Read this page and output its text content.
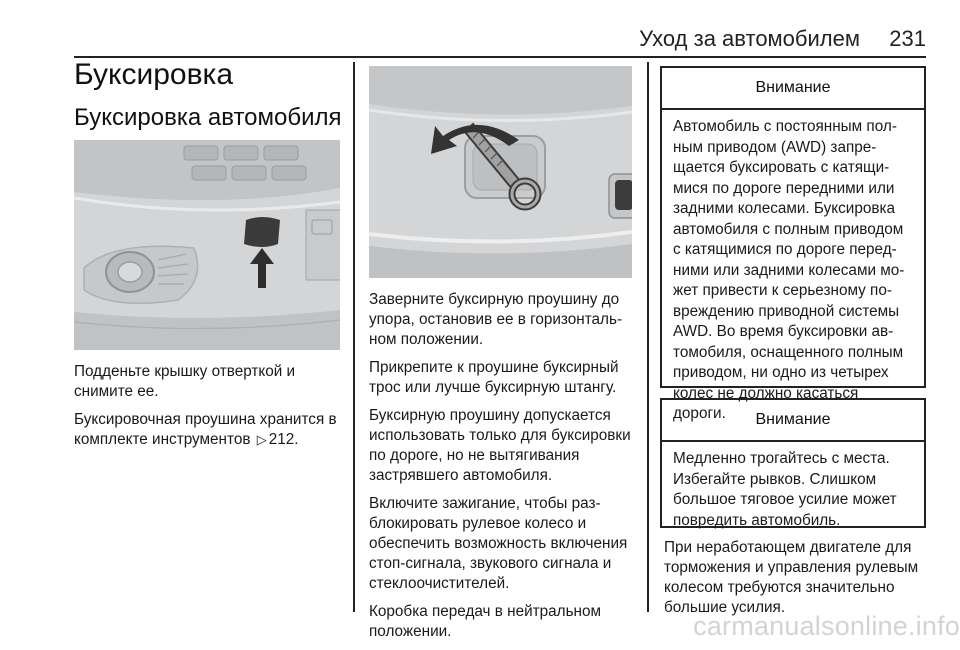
Уход за автомобилем	231
Буксировка
Буксировка автомобиля

Подденьте крышку отверткой и снимите ее.

Буксировочная проушина хранится в комплекте инструментов ▷ 212.

Заверните буксирную проушину до упора, остановив ее в горизонтальном положении.

Прикрепите к проушине буксирный трос или лучше буксирную штангу.

Буксирную проушину допускается использовать только для буксировки по дороге, но не вытягивания застрявшего автомобиля.

Включите зажигание, чтобы разблокировать рулевое колесо и обеспечить возможность включения стоп-сигнала, звукового сигнала и стеклоочистителей.

Коробка передач в нейтральном положении.

Внимание
Автомобиль с постоянным полным приводом (AWD) запрещается буксировать с катящимися по дороге передними или задними колесами. Буксировка автомобиля с полным приводом с катящимися по дороге передними или задними колесами может привести к серьезному повреждению приводной системы AWD. Во время буксировки автомобиля, оснащенного полным приводом, ни одно из четырех колес не должно касаться дороги.	Внимание
Медленно трогайтесь с места. Избегайте рывков. Слишком большое тяговое усилие может повредить автомобиль.

При неработающем двигателе для торможения и управления рулевым колесом требуются значительно большие усилия.

carmanualsonline.info
